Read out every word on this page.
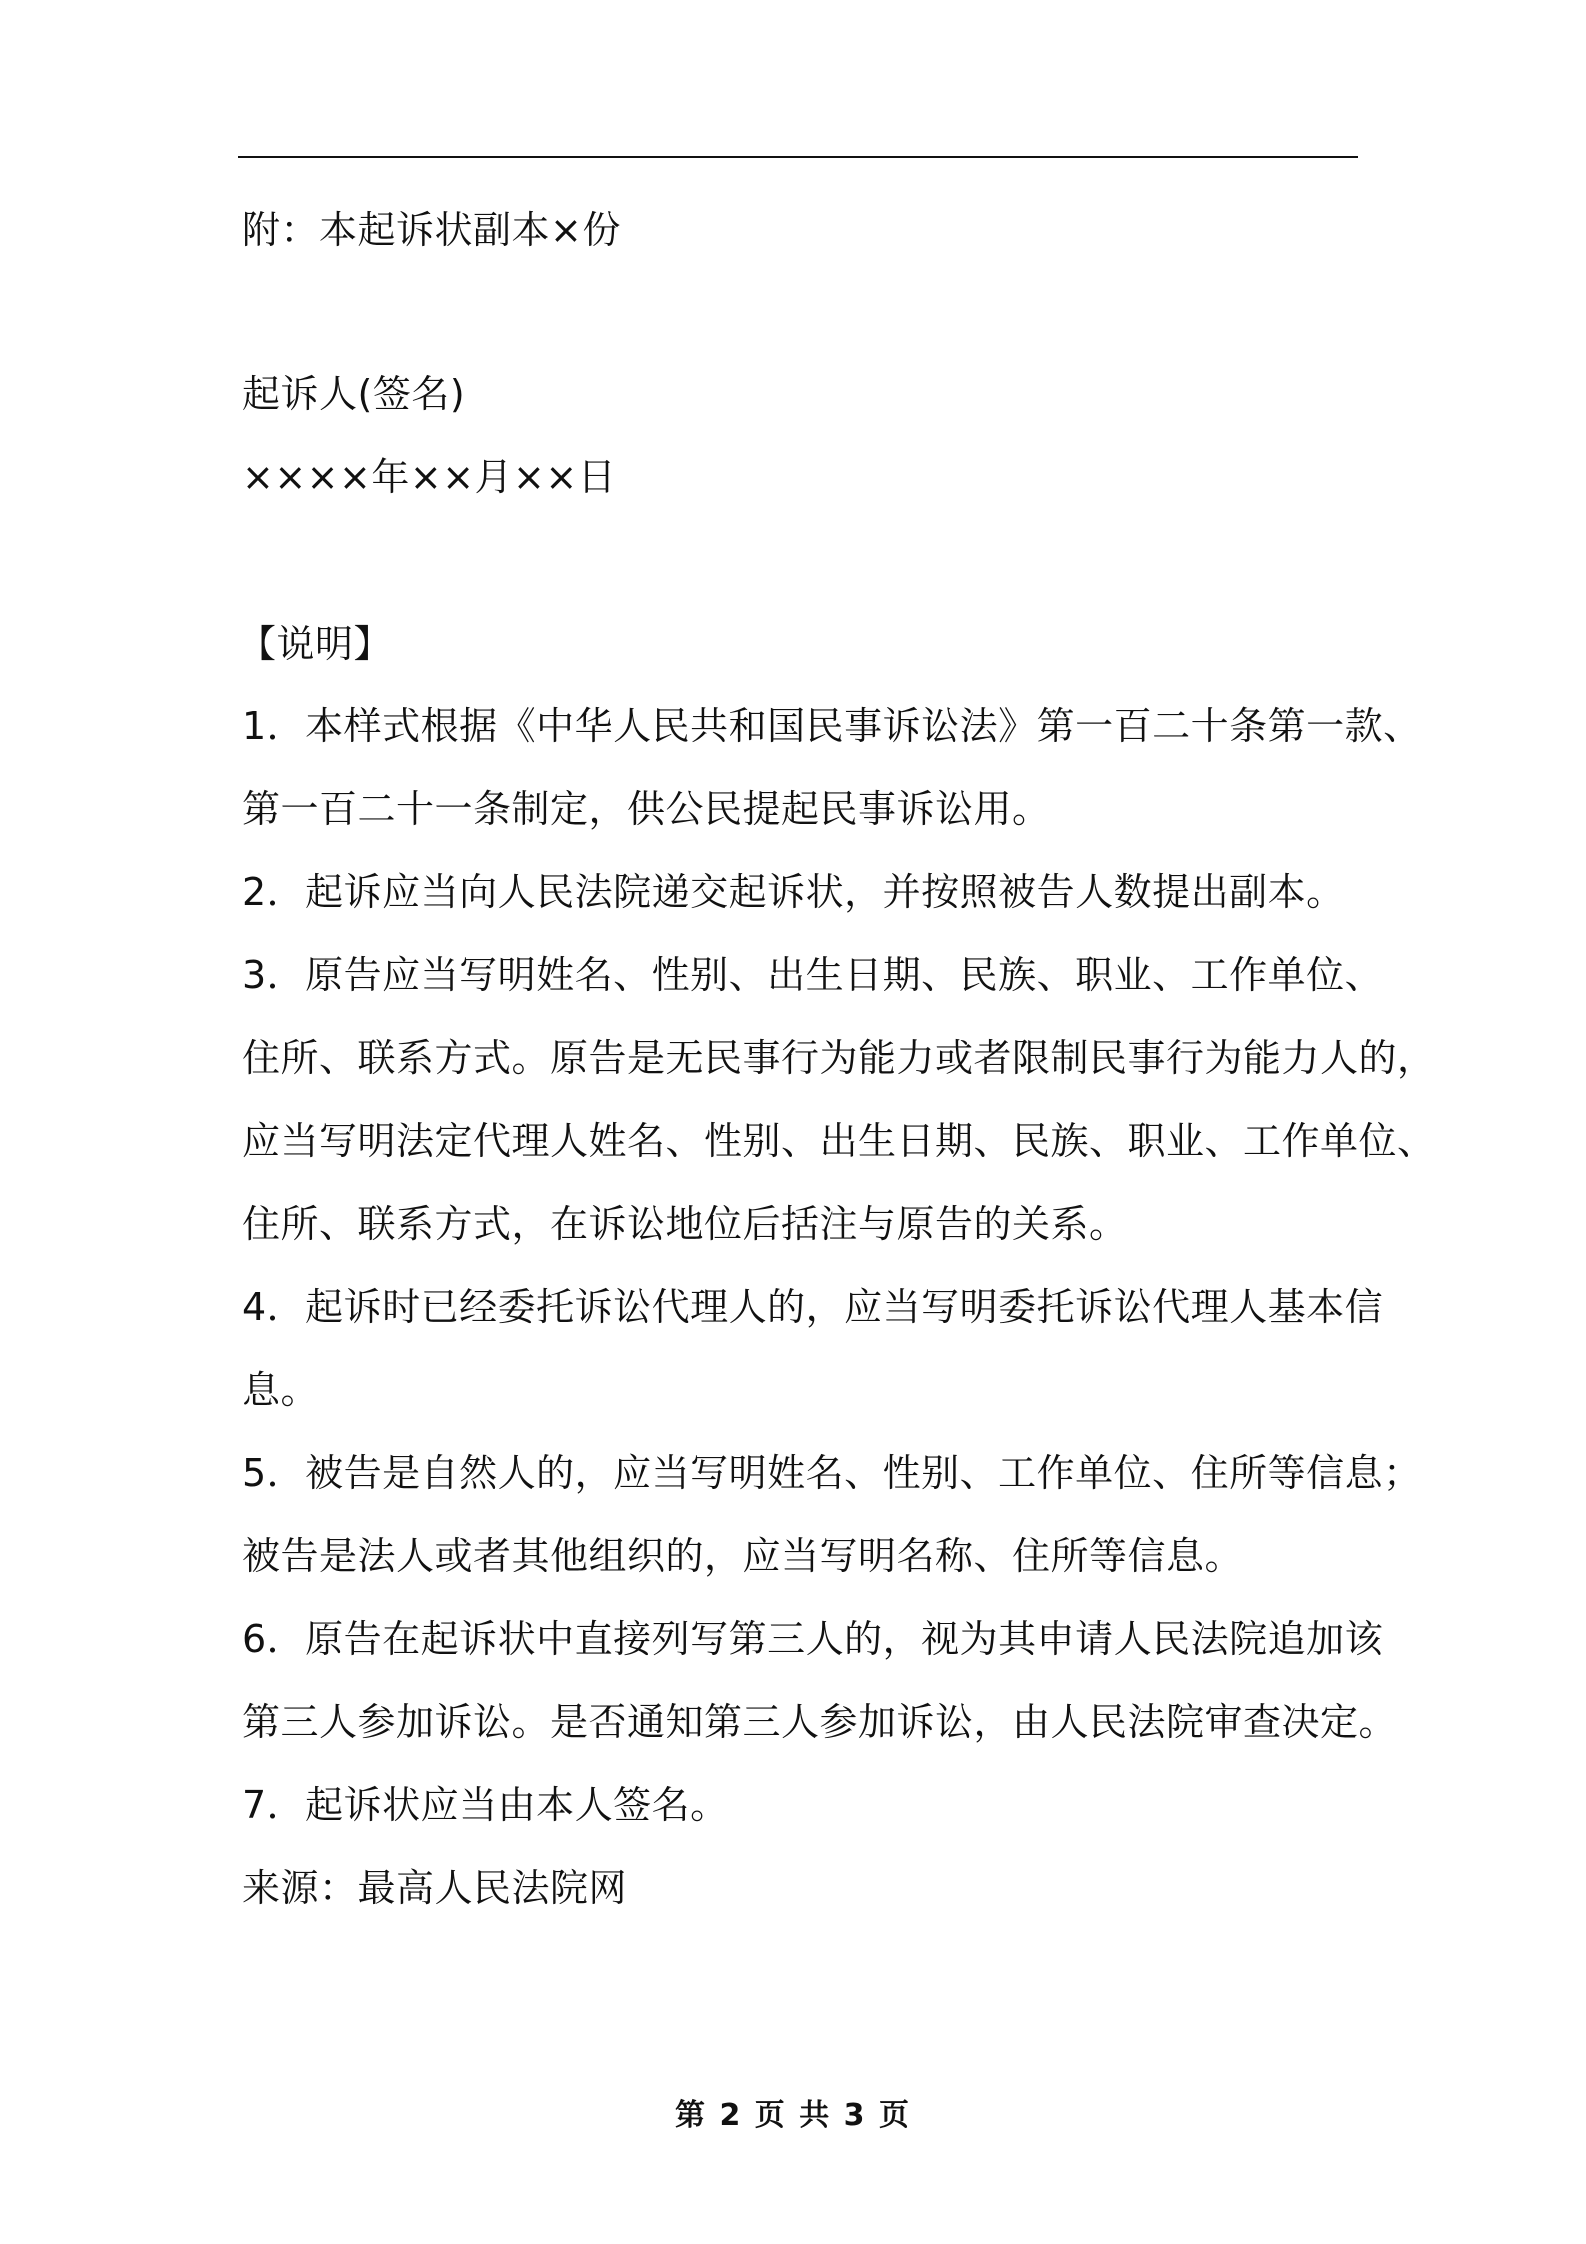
附：本起诉状副本×份
起诉人(签名)
××××年××月××日
【说明】
1．本样式根据《中华人民共和国民事诉讼法》第一百二十条第一款、
第一百二十一条制定，供公民提起民事诉讼用。
2．起诉应当向人民法院递交起诉状，并按照被告人数提出副本。
3．原告应当写明姓名、性别、出生日期、民族、职业、工作单位、
住所、联系方式。原告是无民事行为能力或者限制民事行为能力人的，
应当写明法定代理人姓名、性别、出生日期、民族、职业、工作单位、
住所、联系方式，在诉讼地位后括注与原告的关系。
4．起诉时已经委托诉讼代理人的，应当写明委托诉讼代理人基本信
息。
5．被告是自然人的，应当写明姓名、性别、工作单位、住所等信息；
被告是法人或者其他组织的，应当写明名称、住所等信息。
6．原告在起诉状中直接列写第三人的，视为其申请人民法院追加该
第三人参加诉讼。是否通知第三人参加诉讼，由人民法院审查决定。
7．起诉状应当由本人签名。
来源：最高人民法院网
第 2 页 共 3 页
